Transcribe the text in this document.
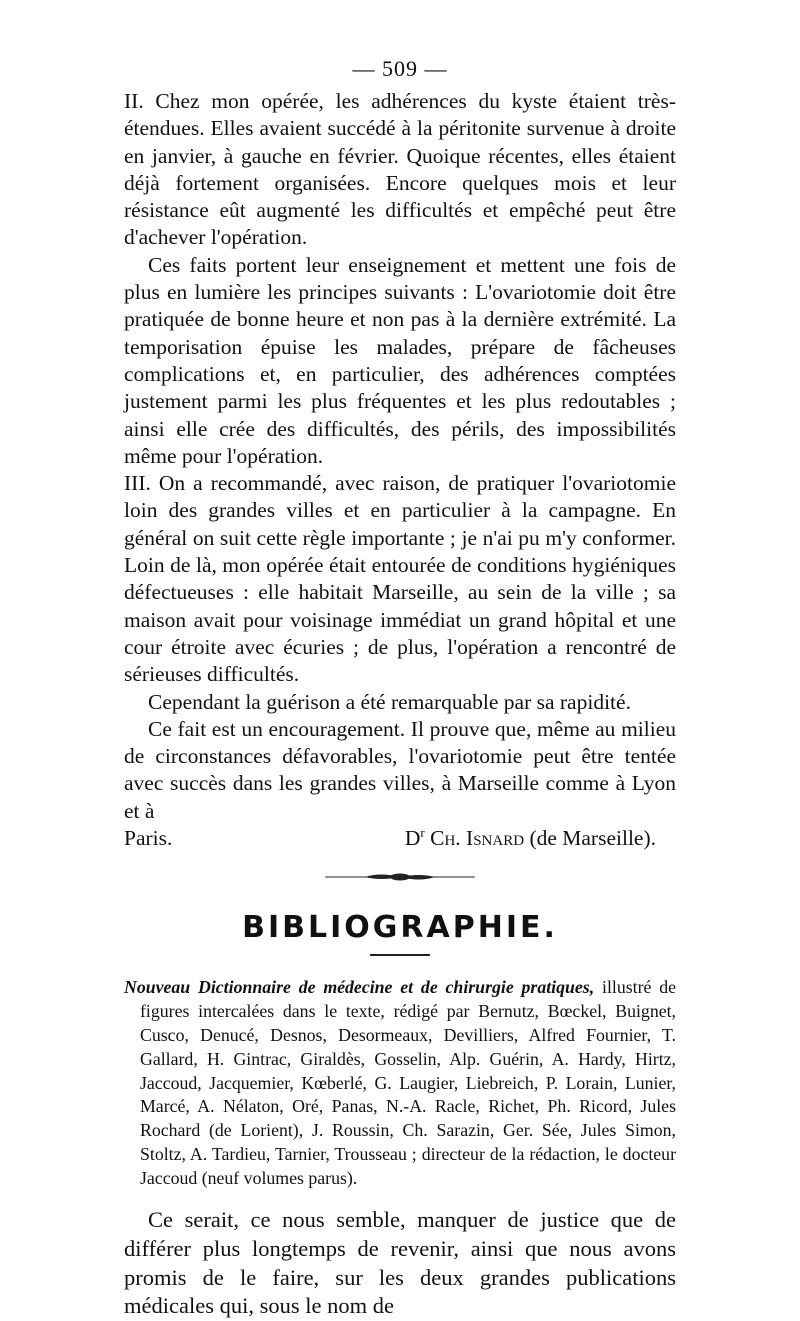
— 509 —

II. Chez mon opérée, les adhérences du kyste étaient très-étendues. Elles avaient succédé à la péritonite survenue à droite en janvier, à gauche en février. Quoique récentes, elles étaient déjà fortement organisées. Encore quelques mois et leur résistance eût augmenté les difficultés et empêché peut être d'achever l'opération.

Ces faits portent leur enseignement et mettent une fois de plus en lumière les principes suivants : L'ovariotomie doit être pratiquée de bonne heure et non pas à la dernière extrémité. La temporisation épuise les malades, prépare de fâcheuses complications et, en particulier, des adhérences comptées justement parmi les plus fréquentes et les plus redoutables ; ainsi elle crée des difficultés, des périls, des impossibilités même pour l'opération.

III. On a recommandé, avec raison, de pratiquer l'ovariotomie loin des grandes villes et en particulier à la campagne. En général on suit cette règle importante ; je n'ai pu m'y conformer. Loin de là, mon opérée était entourée de conditions hygiéniques défectueuses : elle habitait Marseille, au sein de la ville ; sa maison avait pour voisinage immédiat un grand hôpital et une cour étroite avec écuries ; de plus, l'opération a rencontré de sérieuses difficultés.

Cependant la guérison a été remarquable par sa rapidité.

Ce fait est un encouragement. Il prouve que, même au milieu de circonstances défavorables, l'ovariotomie peut être tentée avec succès dans les grandes villes, à Marseille comme à Lyon et à

Paris.	$D^r$ Ch. Isnard (de Marseille).
BIBLIOGRAPHIE.

Nouveau Dictionnaire de médecine et de chirurgie pratiques, illustré de figures intercalées dans le texte, rédigé par Bernutz, Bœckel, Buignet, Cusco, Denucé, Desnos, Desormeaux, Devilliers, Alfred Fournier, T. Gallard, H. Gintrac, Giraldès, Gosselin, Alp. Guérin, A. Hardy, Hirtz, Jaccoud, Jacquemier, Kœberlé, G. Laugier, Liebreich, P. Lorain, Lunier, Marcé, A. Nélaton, Oré, Panas, N.-A. Racle, Richet, Ph. Ricord, Jules Rochard (de Lorient), J. Roussin, Ch. Sarazin, Ger. Sée, Jules Simon, Stoltz, A. Tardieu, Tarnier, Trousseau ; directeur de la rédaction, le docteur Jaccoud (neuf volumes parus).

Ce serait, ce nous semble, manquer de justice que de différer plus longtemps de revenir, ainsi que nous avons promis de le faire, sur les deux grandes publications médicales qui, sous le nom de
